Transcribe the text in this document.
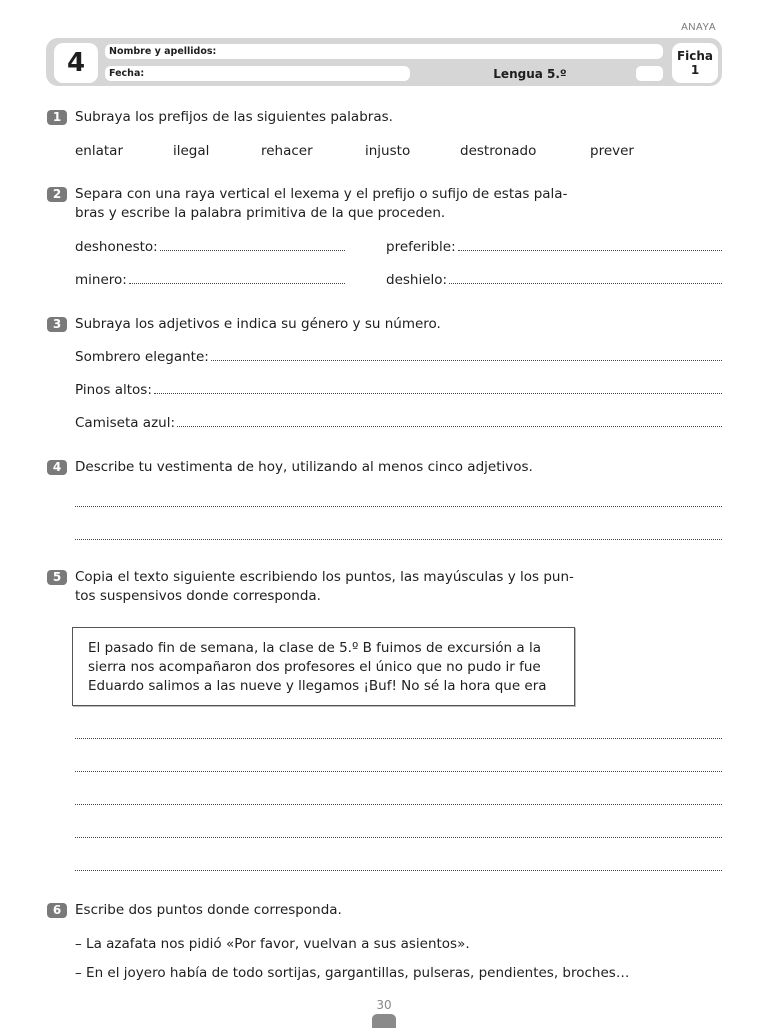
ANAYA
4	Nombre y apellidos:
Fecha:	Lengua 5.º
Ficha
1
1	Subraya los prefijos de las siguientes palabras.
enlatar	ilegal	rehacer	injusto	destronado	prever
2	Separa con una raya vertical el lexema y el prefijo o sufijo de estas pala-
bras y escribe la palabra primitiva de la que proceden.
deshonesto:	preferible:
minero:	deshielo:
3	Subraya los adjetivos e indica su género y su número.
Sombrero elegante:
Pinos altos:
Camiseta azul:
4	Describe tu vestimenta de hoy, utilizando al menos cinco adjetivos.
5	Copia el texto siguiente escribiendo los puntos, las mayúsculas y los pun-
tos suspensivos donde corresponda.
El pasado fin de semana, la clase de 5.º B fuimos de excursión a la
sierra nos acompañaron dos profesores el único que no pudo ir fue
Eduardo salimos a las nueve y llegamos ¡Buf! No sé la hora que era
6	Escribe dos puntos donde corresponda.
– La azafata nos pidió «Por favor, vuelvan a sus asientos».
– En el joyero había de todo sortijas, gargantillas, pulseras, pendientes, broches…
30
